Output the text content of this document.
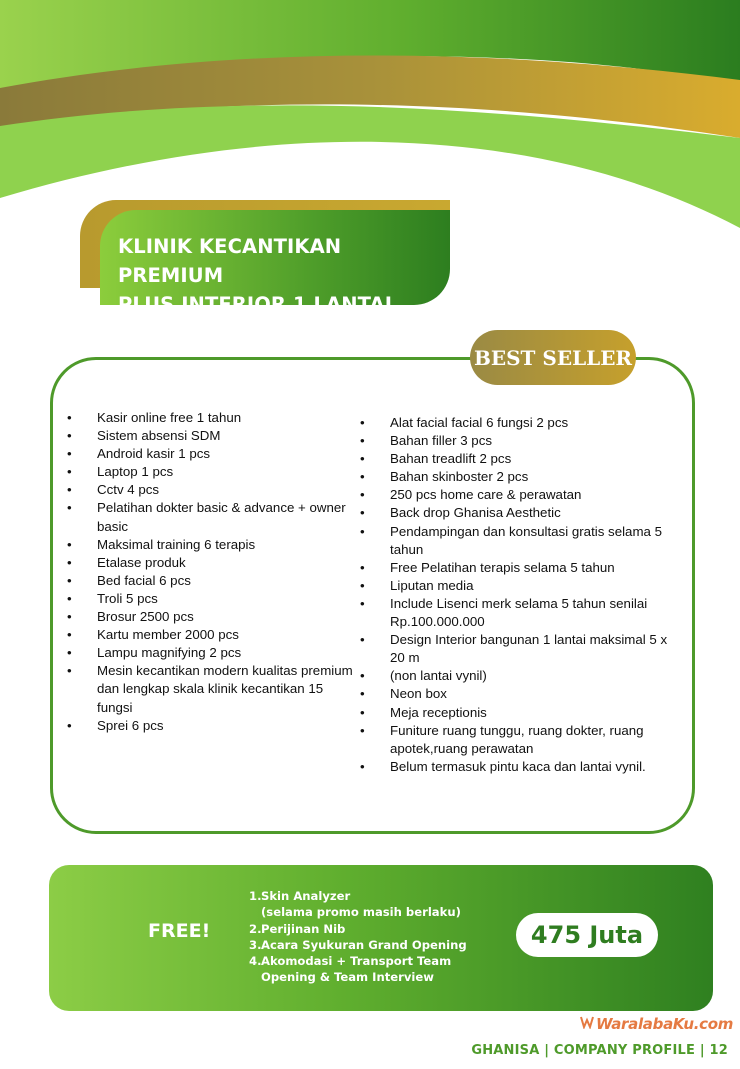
KLINIK KECANTIKAN PREMIUM
PLUS INTERIOR 1 LANTAI
BEST SELLER
• Kasir online free 1 tahun
• Sistem absensi SDM
• Android kasir 1 pcs
• Laptop 1 pcs
• Cctv 4 pcs
• Pelatihan dokter basic & advance + owner basic
• Maksimal training 6 terapis
• Etalase produk
• Bed facial 6 pcs
• Troli 5 pcs
• Brosur 2500 pcs
• Kartu member 2000 pcs
• Lampu magnifying 2 pcs
• Mesin kecantikan modern kualitas premium dan lengkap skala klinik kecantikan 15 fungsi
• Sprei 6 pcs
• Alat facial facial 6 fungsi 2 pcs
• Bahan filler 3 pcs
• Bahan treadlift 2 pcs
• Bahan skinboster 2 pcs
• 250 pcs home care & perawatan
• Back drop Ghanisa Aesthetic
• Pendampingan dan konsultasi gratis selama 5 tahun
• Free Pelatihan terapis selama 5 tahun
• Liputan media
• Include Lisenci merk selama 5 tahun senilai Rp.100.000.000
• Design Interior bangunan 1 lantai maksimal 5 x 20 m
• (non lantai vynil)
• Neon box
• Meja receptionis
• Funiture ruang tunggu, ruang dokter, ruang apotek,ruang perawatan
• Belum termasuk pintu kaca dan lantai vynil.
FREE!
1. Skin Analyzer
(selama promo masih berlaku)
2. Perijinan Nib
3. Acara Syukuran Grand Opening
4. Akomodasi + Transport Team
Opening & Team Interview
475 Juta
WaralabaKu.com
GHANISA | COMPANY PROFILE | 12
